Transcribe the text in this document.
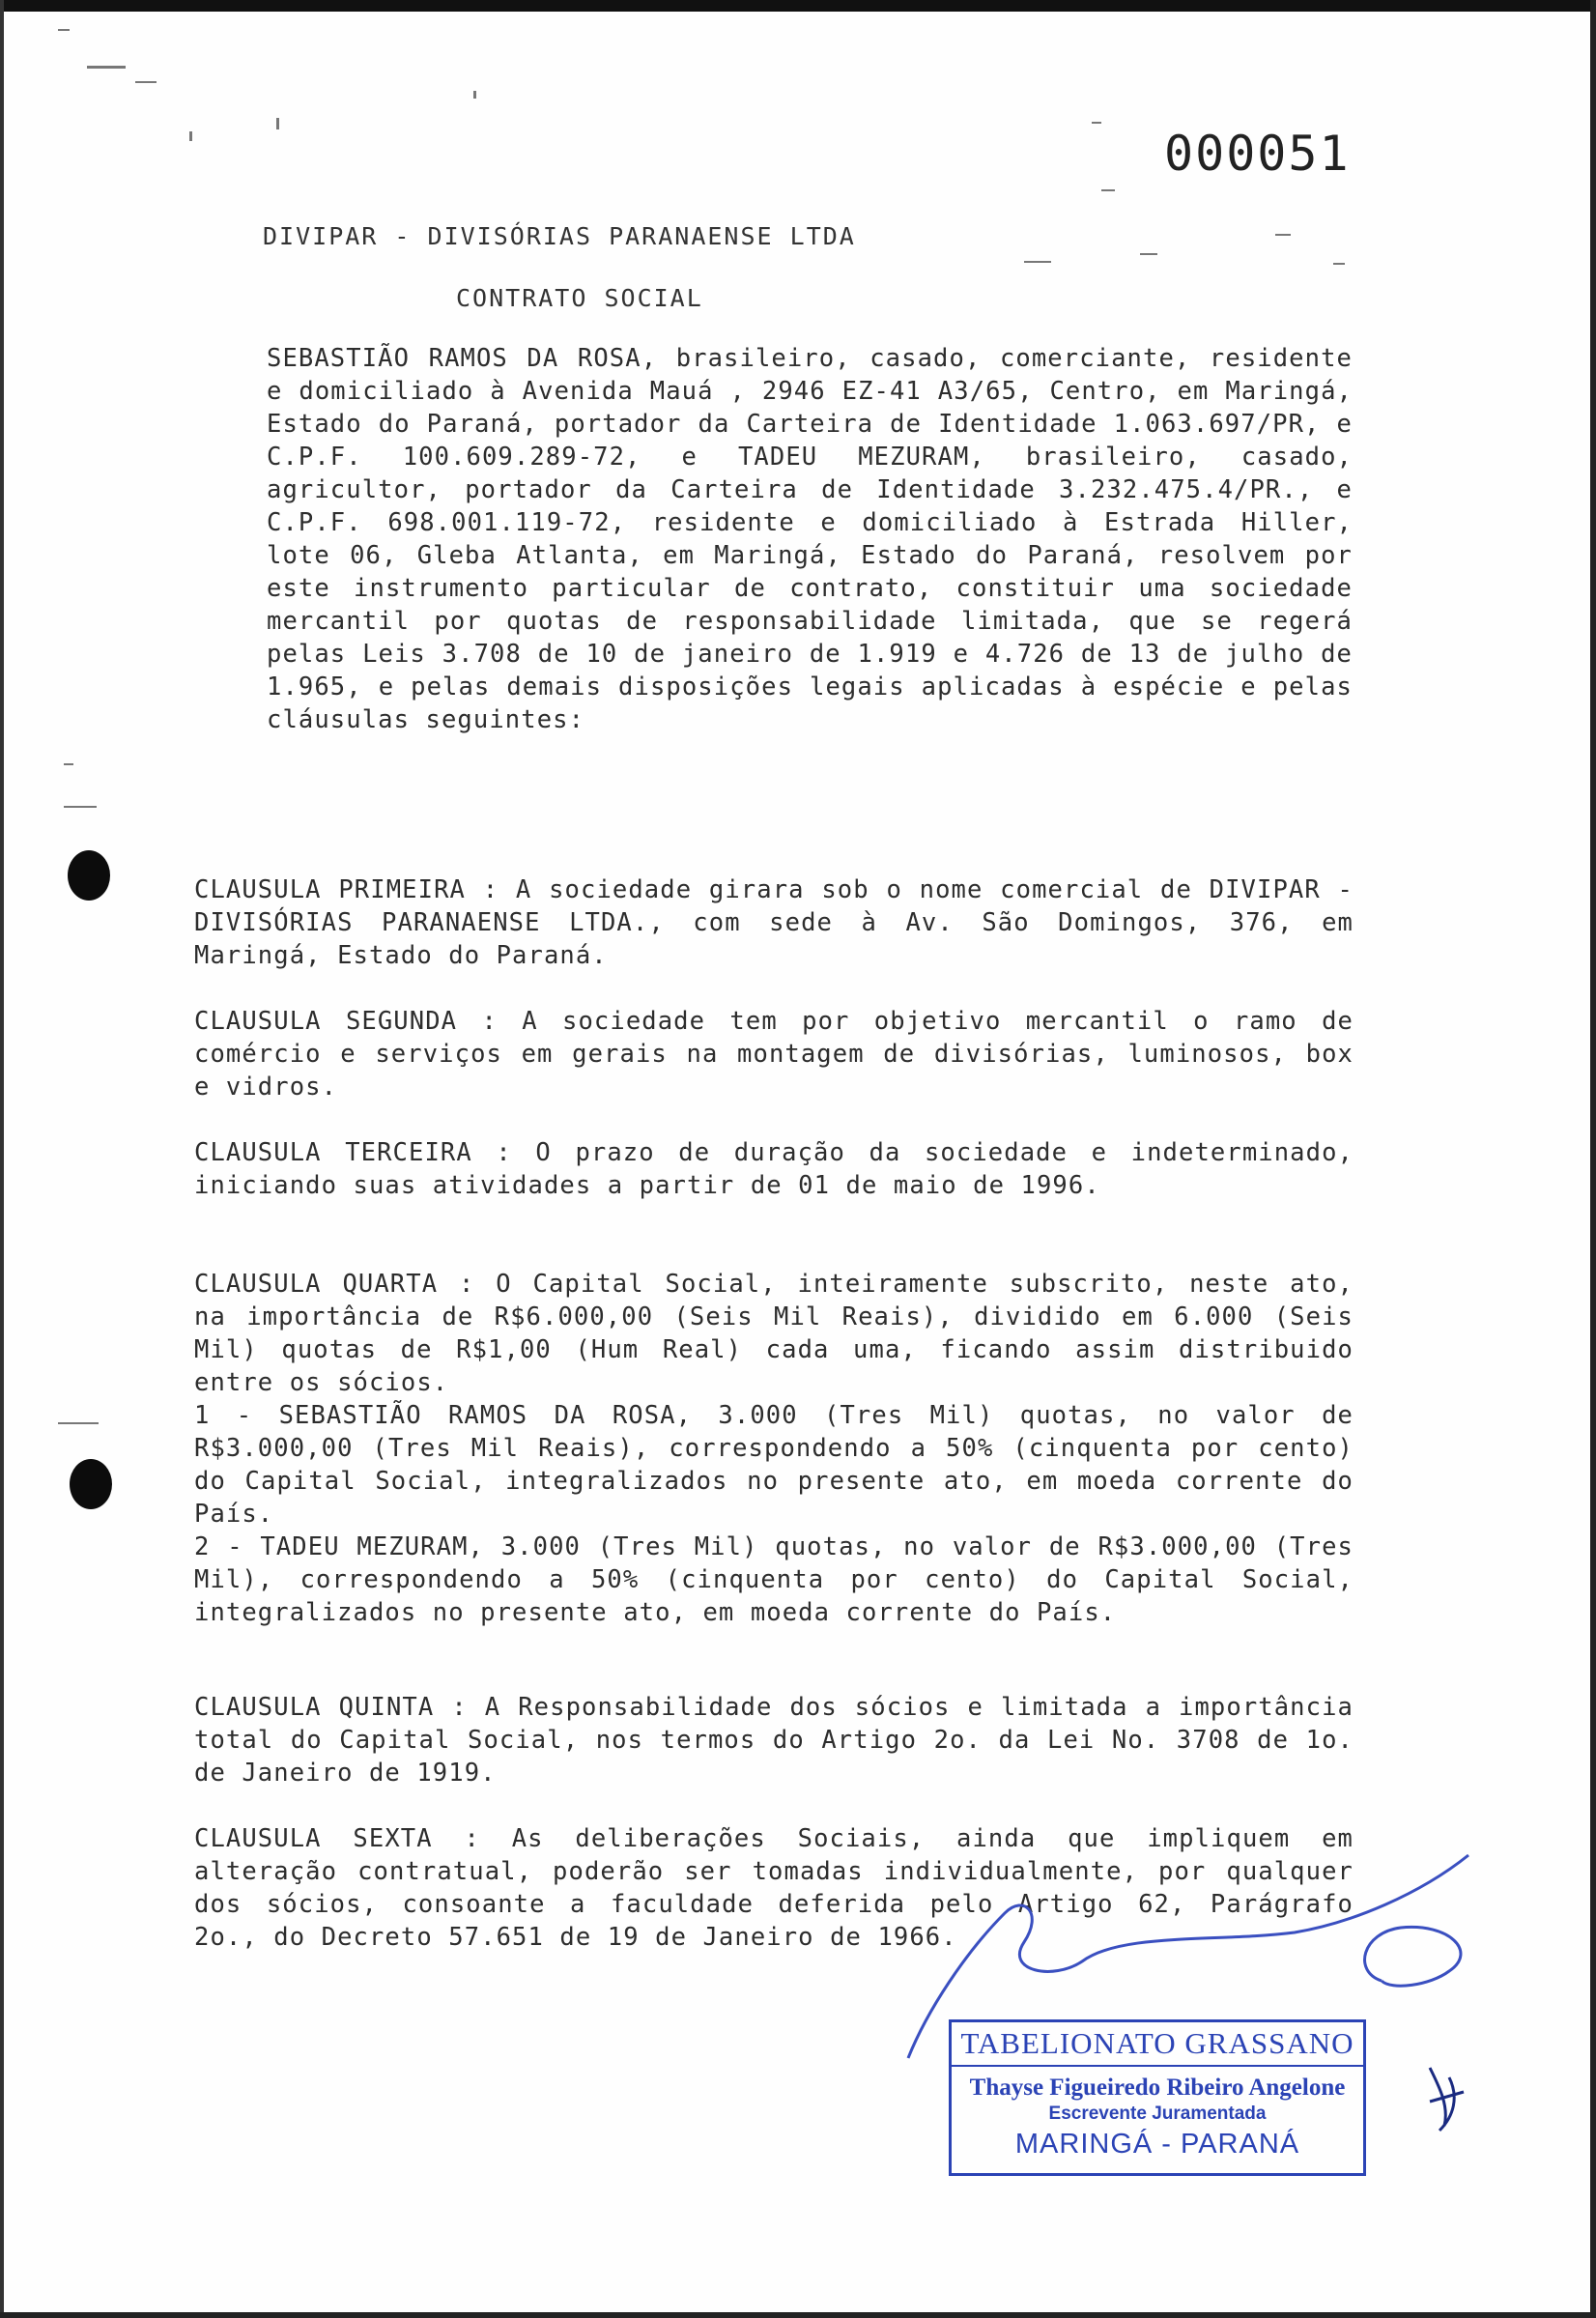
000051
DIVIPAR - DIVISÓRIAS PARANAENSE LTDA
CONTRATO SOCIAL
SEBASTIÃO RAMOS DA ROSA, brasileiro, casado, comerciante, residente e domiciliado à Avenida Mauá , 2946 EZ-41 A3/65, Centro, em Maringá, Estado do Paraná, portador da Carteira de Identidade 1.063.697/PR, e C.P.F. 100.609.289-72, e TADEU MEZURAM, brasileiro, casado, agricultor, portador da Carteira de Identidade 3.232.475.4/PR., e C.P.F. 698.001.119-72, residente e domiciliado à Estrada Hiller, lote 06, Gleba Atlanta, em Maringá, Estado do Paraná, resolvem por este instrumento particular de contrato, constituir uma sociedade mercantil por quotas de responsabilidade limitada, que se regerá pelas Leis 3.708 de 10 de janeiro de 1.919 e 4.726 de 13 de julho de 1.965, e pelas demais disposições legais aplicadas à espécie e pelas cláusulas seguintes:
CLAUSULA PRIMEIRA : A sociedade girara sob o nome comercial de DIVIPAR - DIVISÓRIAS PARANAENSE LTDA., com sede à Av. São Domingos, 376, em Maringá, Estado do Paraná.
CLAUSULA SEGUNDA : A sociedade tem por objetivo mercantil o ramo de comércio e serviços em gerais na montagem de divisórias, luminosos, box e vidros.
CLAUSULA TERCEIRA : O prazo de duração da sociedade e indeterminado, iniciando suas atividades a partir de 01 de maio de 1996.
CLAUSULA QUARTA : O Capital Social, inteiramente subscrito, neste ato, na importância de R$6.000,00 (Seis Mil Reais), dividido em 6.000 (Seis Mil) quotas de R$1,00 (Hum Real) cada uma, ficando assim distribuido entre os sócios.
1 - SEBASTIÃO RAMOS DA ROSA, 3.000 (Tres Mil) quotas, no valor de R$3.000,00 (Tres Mil Reais), correspondendo a 50% (cinquenta por cento) do Capital Social, integralizados no presente ato, em moeda corrente do País.
2 - TADEU MEZURAM, 3.000 (Tres Mil) quotas, no valor de R$3.000,00 (Tres Mil), correspondendo a 50% (cinquenta por cento) do Capital Social, integralizados no presente ato, em moeda corrente do País.
CLAUSULA QUINTA : A Responsabilidade dos sócios e limitada a importância total do Capital Social, nos termos do Artigo 2o. da Lei No. 3708 de 1o. de Janeiro de 1919.
CLAUSULA SEXTA : As deliberações Sociais, ainda que impliquem em alteração contratual, poderão ser tomadas individualmente, por qualquer dos sócios, consoante a faculdade deferida pelo Artigo 62, Parágrafo 2o., do Decreto 57.651 de 19 de Janeiro de 1966.
TABELIONATO GRASSANO
Thayse Figueiredo Ribeiro Angelone
Escrevente Juramentada
MARINGÁ - PARANÁ
